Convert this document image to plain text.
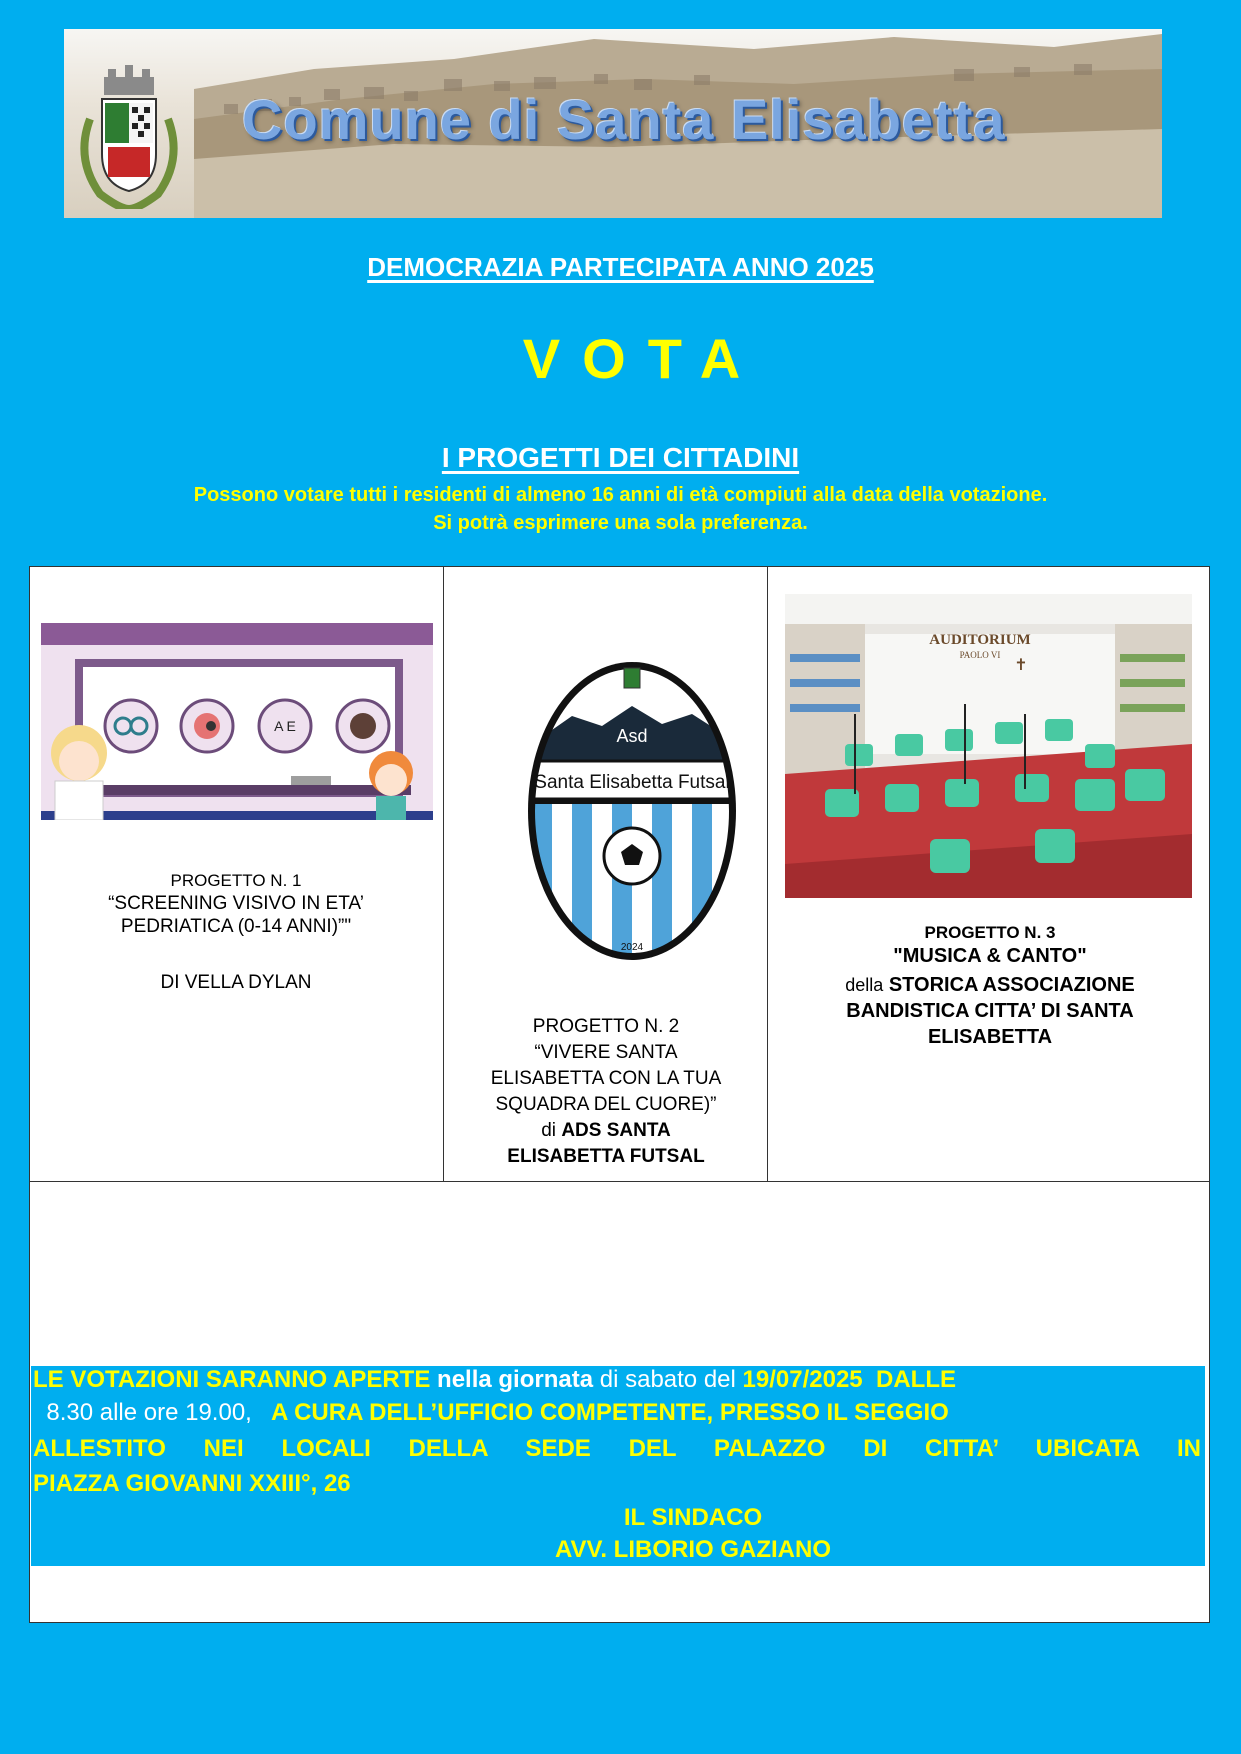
Comune di Santa Elisabetta
DEMOCRAZIA PARTECIPATA ANNO 2025
VOTA
I PROGETTI DEI CITTADINI
Possono votare tutti i residenti di almeno 16 anni di età compiuti alla data della votazione.
Si potrà esprimere una sola preferenza.
A E
PROGETTO N. 1
“SCREENING VISIVO IN ETA’
PEDRIATICA (0-14 ANNI)”"
DI VELLA DYLAN
Asd
Santa Elisabetta Futsal
2024
PROGETTO N. 2
“VIVERE SANTA
ELISABETTA CON LA TUA
SQUADRA DEL CUORE)”
di ADS SANTA
ELISABETTA FUTSAL
AUDITORIUM
PAOLO VI
✝
PROGETTO N. 3
"MUSICA & CANTO"
della STORICA ASSOCIAZIONE
BANDISTICA CITTA’ DI SANTA
ELISABETTA
LE VOTAZIONI SARANNO APERTE nella giornata di sabato del 19/07/2025 DALLE
8.30 alle ore 19.00, A CURA DELL’UFFICIO COMPETENTE, PRESSO IL SEGGIO
ALLESTITO NEI LOCALI DELLA SEDE DEL PALAZZO DI CITTA’ UBICATA IN
PIAZZA GIOVANNI XXIII°, 26
IL SINDACO
AVV. LIBORIO GAZIANO
